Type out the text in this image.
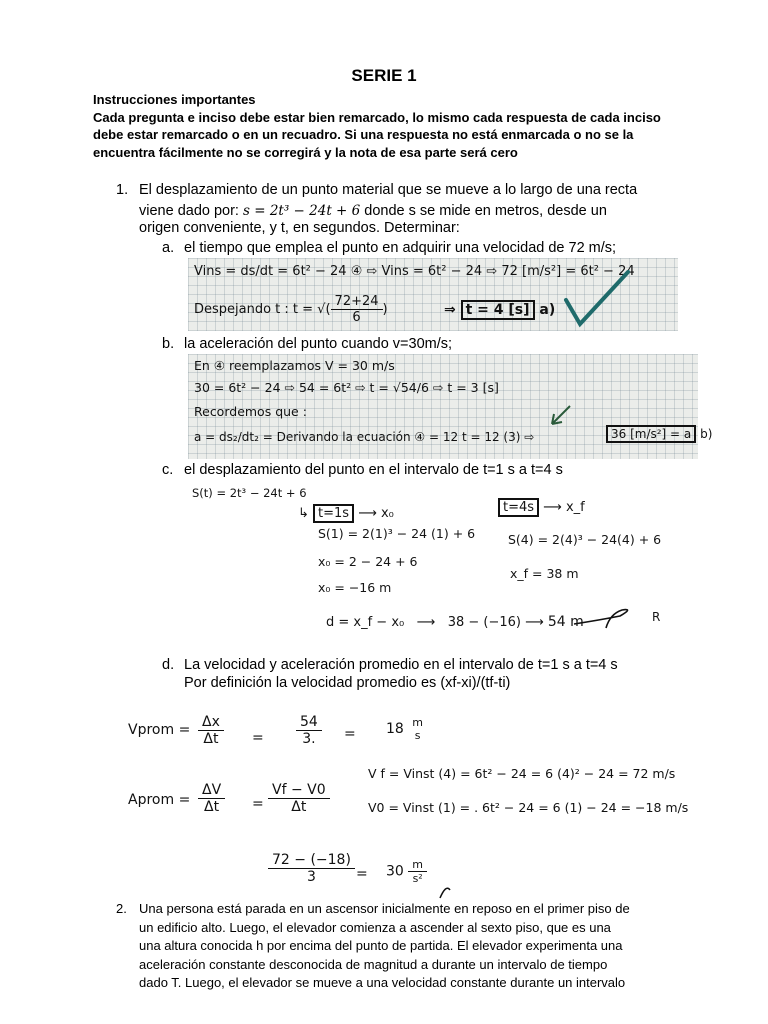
SERIE 1
Instrucciones importantes
Cada pregunta e inciso debe estar bien remarcado, lo mismo cada respuesta de cada inciso debe estar remarcado o en un recuadro. Si una respuesta no está enmarcada o no se la encuentra fácilmente no se corregirá y la nota de esa parte será cero
1. El desplazamiento de un punto material que se mueve a lo largo de una recta
viene dado por: s = 2t³ − 24t + 6 donde s se mide en metros, desde un
origen conveniente, y t, en segundos. Determinar:
a. el tiempo que emplea el punto en adquirir una velocidad de 72 m/s;
Vins = ds/dt = 6t² − 24 ④ ⇨ Vins = 6t² − 24 ⇨ 72 [m/s²] = 6t² − 24
Despejando t : t = √( $\frac{72+24}{6}$ )	⇒ t = 4 [s] a)
b. la aceleración del punto cuando v=30m/s;
En ④ reemplazamos V = 30 m/s
30 = 6t² − 24 ⇨ 54 = 6t² ⇨ t = √54/6 ⇨ t = 3 [s]
Recordemos que :
a = ds₂/dt₂ = Derivando la ecuación ④ = 12 t = 12 (3) ⇨	36 [m/s²] = a b)
c. el desplazamiento del punto en el intervalo de t=1 s a t=4 s
S(t) = 2t³ − 24t + 6
↳ t=1s ⟶ x₀
S(1) = 2(1)³ − 24 (1) + 6
x₀ = 2 − 24 + 6
x₀ = −16 m
t=4s ⟶ x_f
S(4) = 2(4)³ − 24(4) + 6
x_f = 38 m
d = x_f − x₀   ⟶   38 − (−16) ⟶ 54 m	R
d. La velocidad y aceleración promedio en el intervalo de t=1 s a t=4 s
Por definición la velocidad promedio es (xf-xi)/(tf-ti)
Vprom = $\frac{\Delta x}{\Delta t} = \frac{54}{3.} = 18$ m
s
Aprom = $\frac{\Delta V}{\Delta t} = \frac{Vf - V0}{\Delta t}$
V f = Vinst (4) = 6t² − 24 = 6 (4)² − 24 = 72 m/s
V0 = Vinst (1) = . 6t² − 24 = 6 (1) − 24 = −18 m/s
$\frac{72 - (-18)}{3} = 30 \frac{m}{\text{s²}}$
2. Una persona está parada en un ascensor inicialmente en reposo en el primer piso de
un edificio alto. Luego, el elevador comienza a ascender al sexto piso, que es una
una altura conocida h por encima del punto de partida. El elevador experimenta una
aceleración constante desconocida de magnitud a durante un intervalo de tiempo
dado T. Luego, el elevador se mueve a una velocidad constante durante un intervalo
